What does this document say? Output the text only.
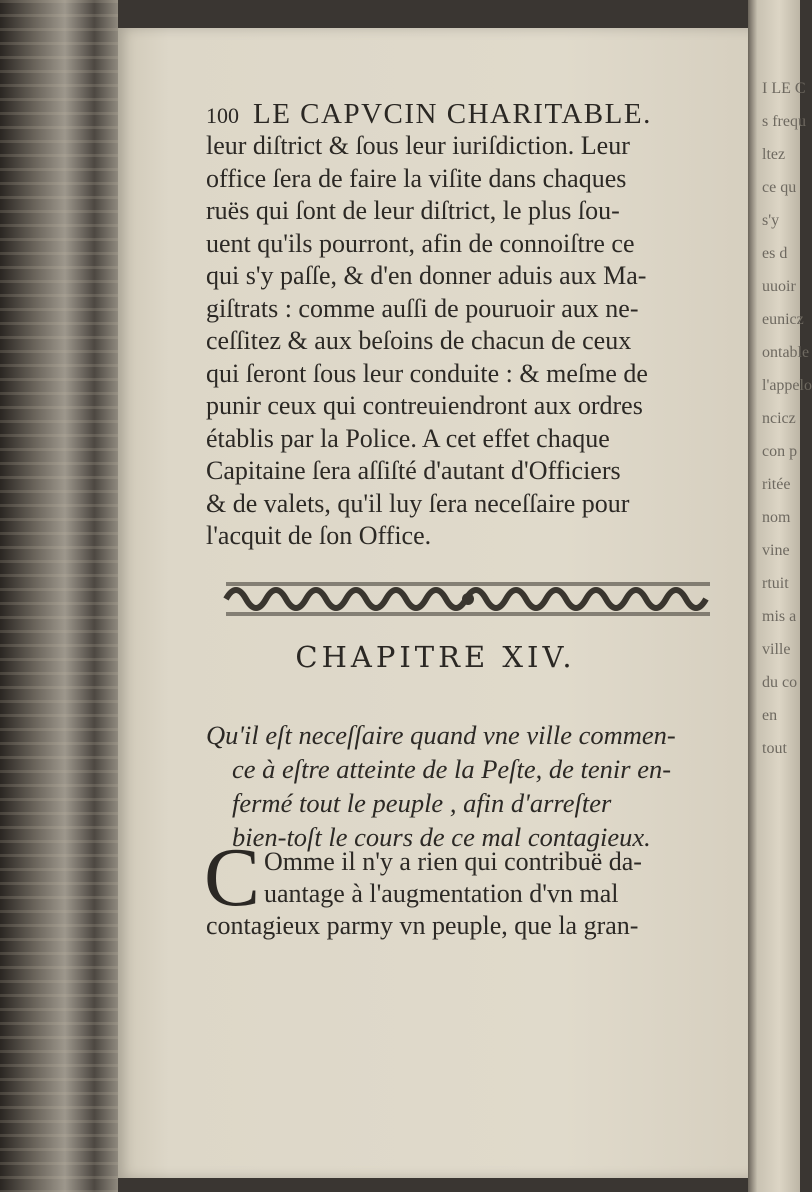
100 LE CAPVCIN CHARITABLE.
leur diſtrict & ſous leur iuriſdiction. Leur
office ſera de faire la viſite dans chaques
ruës qui ſont de leur diſtrict, le plus ſou-
uent qu'ils pourront, afin de connoiſtre ce
qui s'y paſſe, & d'en donner aduis aux Ma-
giſtrats : comme auſſi de pouruoir aux ne-
ceſſitez & aux beſoins de chacun de ceux
qui ſeront ſous leur conduite : & meſme de
punir ceux qui contreuiendront aux ordres
établis par la Police. A cet effet chaque
Capitaine ſera aſſiſté d'autant d'Officiers
& de valets, qu'il luy ſera neceſſaire pour
l'acquit de ſon Office.
CHAPITRE XIV.
Qu'il eſt neceſſaire quand vne ville commen-
ce à eſtre atteinte de la Peſte, de tenir en-
fermé tout le peuple , afin d'arreſter
bien-toſt le cours de ce mal contagieux.
C Omme il n'y a rien qui contribuë da-
uantage à l'augmentation d'vn mal
contagieux parmy vn peuple, que la gran-
I LE C
s frequ
ltez
ce qu
s'y
es d
uuoir
eunicz
ontable
l'appelo
ncicz
con p
ritée
nom
vine
rtuit
mis a
ville
du co
en
tout
